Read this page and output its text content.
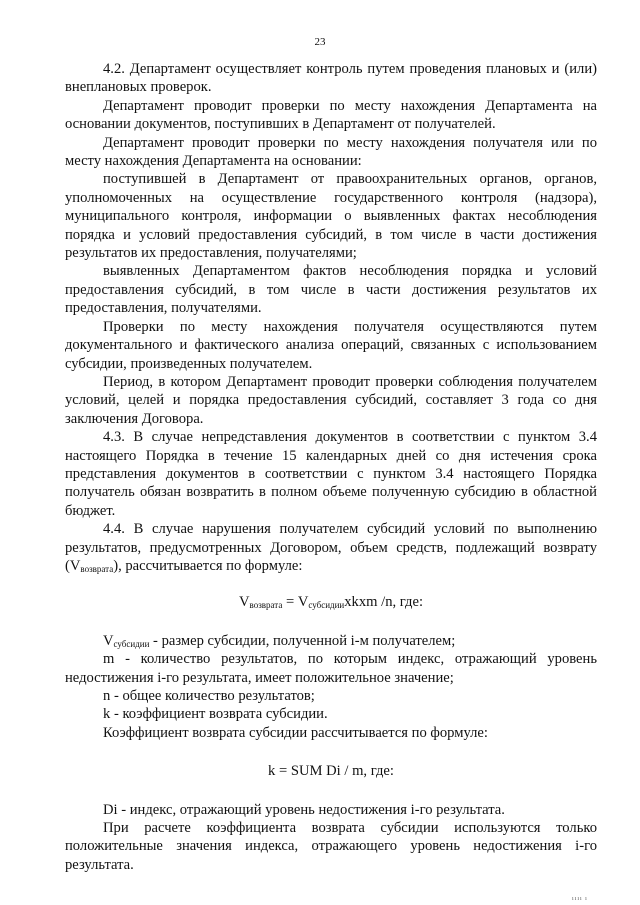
23

4.2. Департамент осуществляет контроль путем проведения плановых и (или) внеплановых проверок.

Департамент проводит проверки по месту нахождения Департамента на основании документов, поступивших в Департамент от получателей.

Департамент проводит проверки по месту нахождения получателя или по месту нахождения Департамента на основании:

поступившей в Департамент от правоохранительных органов, органов, уполномоченных на осуществление государственного контроля (надзора), муниципального контроля, информации о выявленных фактах несоблюдения порядка и условий предоставления субсидий, в том числе в части достижения результатов их предоставления, получателями;

выявленных Департаментом фактов несоблюдения порядка и условий предоставления субсидий, в том числе в части достижения результатов их предоставления, получателями.

Проверки по месту нахождения получателя осуществляются путем документального и фактического анализа операций, связанных с использованием субсидии, произведенных получателем.

Период, в котором Департамент проводит проверки соблюдения получателем условий, целей и порядка предоставления субсидий, составляет 3 года со дня заключения Договора.

4.3. В случае непредставления документов в соответствии с пунктом 3.4 настоящего Порядка в течение 15 календарных дней со дня истечения срока представления документов в соответствии с пунктом 3.4 настоящего Порядка получатель обязан возвратить в полном объеме полученную субсидию в областной бюджет.

4.4. В случае нарушения получателем субсидий условий по выполнению результатов, предусмотренных Договором, объем средств, подлежащий возврату $(V_{возврата})$, рассчитывается по формуле:

$V_{возврата}$ = $V_{субсидии}xkxm$ /n, где:

$V_{субсидии}$ - размер субсидии, полученной i-м получателем;

m - количество результатов, по которым индекс, отражающий уровень недостижения i-го результата, имеет положительное значение;

n - общее количество результатов;

k - коэффициент возврата субсидии.

Коэффициент возврата субсидии рассчитывается по формуле:

k = SUM Di / m, где:

Di - индекс, отражающий уровень недостижения i-го результата.

При расчете коэффициента возврата субсидии используются только положительные значения индекса, отражающего уровень недостижения i-го результата.

ıııı ı
